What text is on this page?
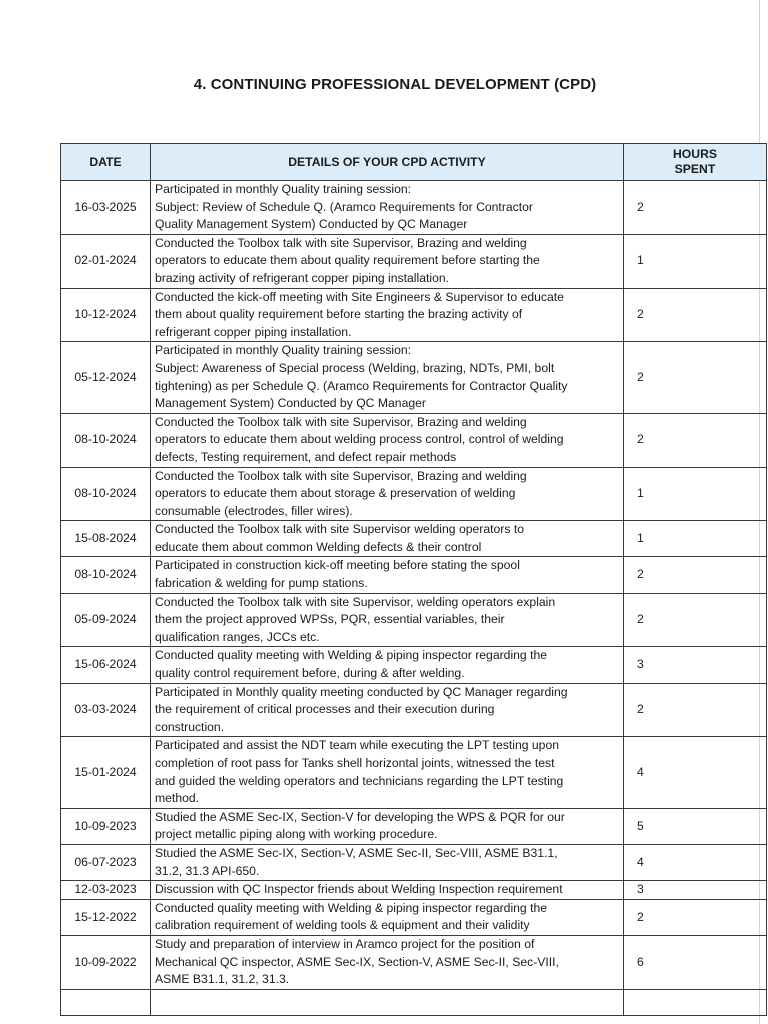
4. CONTINUING PROFESSIONAL DEVELOPMENT (CPD)
DATE	DETAILS OF YOUR CPD ACTIVITY	HOURS SPENT
16-03-2025	Participated in monthly Quality training session:
Subject: Review of Schedule Q. (Aramco Requirements for Contractor
Quality Management System) Conducted by QC Manager	2
02-01-2024	Conducted the Toolbox talk with site Supervisor, Brazing and welding
operators to educate them about quality requirement before starting the
brazing activity of refrigerant copper piping installation.	1
10-12-2024	Conducted the kick-off meeting with Site Engineers & Supervisor to educate
them about quality requirement before starting the brazing activity of
refrigerant copper piping installation.	2
05-12-2024	Participated in monthly Quality training session:
Subject: Awareness of Special process (Welding, brazing, NDTs, PMI, bolt
tightening) as per Schedule Q. (Aramco Requirements for Contractor Quality
Management System) Conducted by QC Manager	2
08-10-2024	Conducted the Toolbox talk with site Supervisor, Brazing and welding
operators to educate them about welding process control, control of welding
defects, Testing requirement, and defect repair methods	2
08-10-2024	Conducted the Toolbox talk with site Supervisor, Brazing and welding
operators to educate them about storage & preservation of welding
consumable (electrodes, filler wires).	1
15-08-2024	Conducted the Toolbox talk with site Supervisor welding operators to
educate them about common Welding defects & their control	1
08-10-2024	Participated in construction kick-off meeting before stating the spool
fabrication & welding for pump stations.	2
05-09-2024	Conducted the Toolbox talk with site Supervisor, welding operators explain
them the project approved WPSs, PQR, essential variables, their
qualification ranges, JCCs etc.	2
15-06-2024	Conducted quality meeting with Welding & piping inspector regarding the
quality control requirement before, during & after welding.	3
03-03-2024	Participated in Monthly quality meeting conducted by QC Manager regarding
the requirement of critical processes and their execution during
construction.	2
15-01-2024	Participated and assist the NDT team while executing the LPT testing upon
completion of root pass for Tanks shell horizontal joints, witnessed the test
and guided the welding operators and technicians regarding the LPT testing
method.	4
10-09-2023	Studied the ASME Sec-IX, Section-V for developing the WPS & PQR for our
project metallic piping along with working procedure.	5
06-07-2023	Studied the ASME Sec-IX, Section-V, ASME Sec-II, Sec-VIII, ASME B31.1,
31.2, 31.3 API-650.	4
12-03-2023	Discussion with QC Inspector friends about Welding Inspection requirement	3
15-12-2022	Conducted quality meeting with Welding & piping inspector regarding the
calibration requirement of welding tools & equipment and their validity	2
10-09-2022	Study and preparation of interview in Aramco project for the position of
Mechanical QC inspector, ASME Sec-IX, Section-V, ASME Sec-II, Sec-VIII,
ASME B31.1, 31.2, 31.3.	6
